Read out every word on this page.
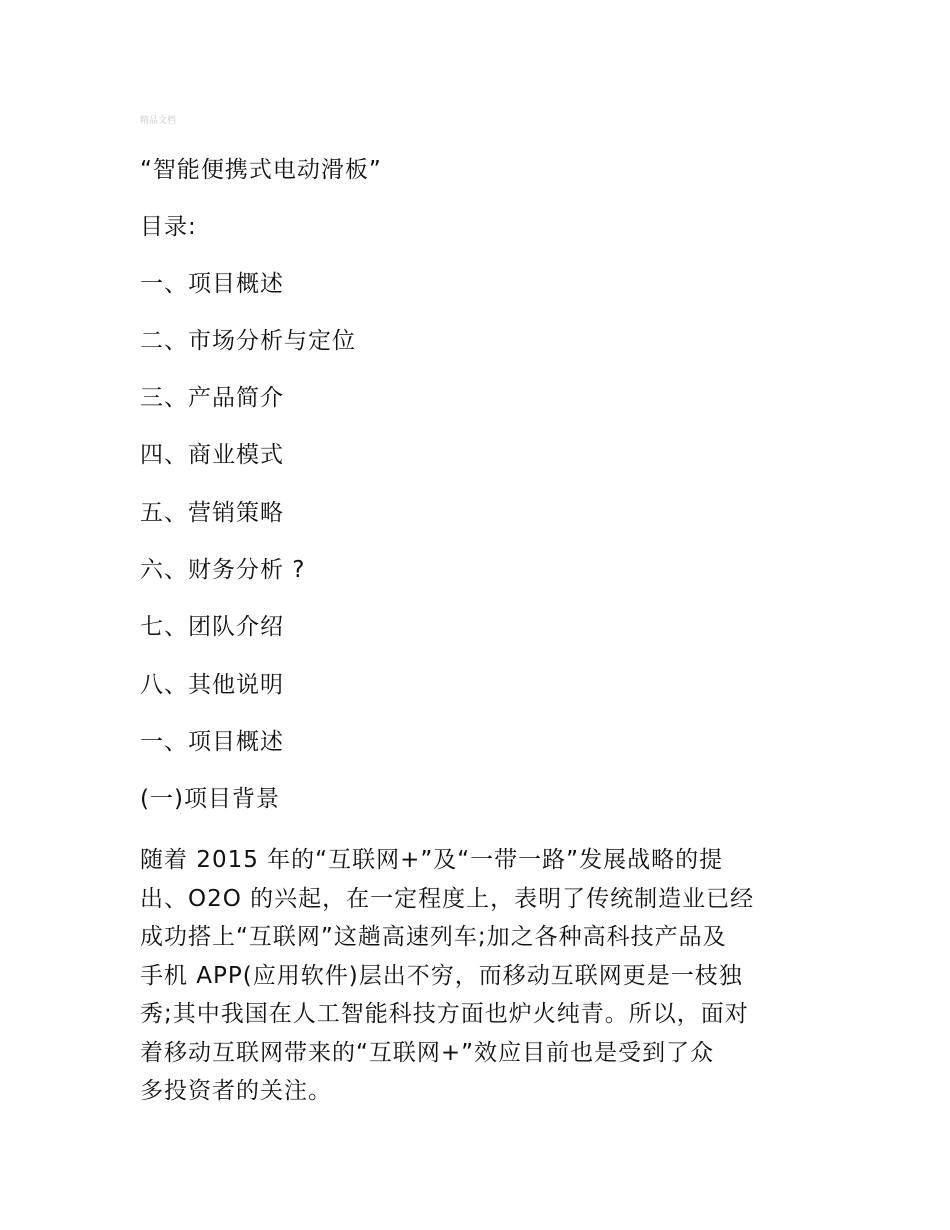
精品文档
“智能便携式电动滑板”
目录:
一、项目概述
二、市场分析与定位
三、产品简介
四、商业模式
五、营销策略
六、财务分析 ?
七、团队介绍
八、其他说明
一、项目概述
(一)项目背景
随着 2015 年的“互联网+”及“一带一路”发展战略的提
出、O2O 的兴起，在一定程度上，表明了传统制造业已经
成功搭上“互联网”这趟高速列车;加之各种高科技产品及
手机 APP(应用软件)层出不穷，而移动互联网更是一枝独
秀;其中我国在人工智能科技方面也炉火纯青。所以，面对
着移动互联网带来的“互联网+”效应目前也是受到了众
多投资者的关注。
